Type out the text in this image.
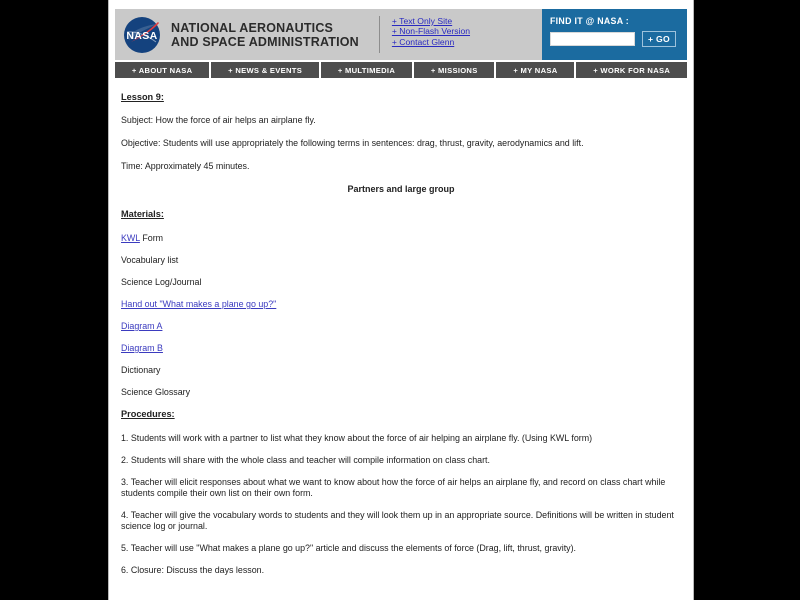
NASA
NATIONAL AERONAUTICS
AND SPACE ADMINISTRATION
+ Text Only Site
+ Non-Flash Version
+ Contact Glenn
FIND IT @ NASA :
+ GO
+ ABOUT NASA	+ NEWS & EVENTS	+ MULTIMEDIA	+ MISSIONS	+ MY NASA	+ WORK FOR NASA
Lesson 9:
Subject: How the force of air helps an airplane fly.
Objective: Students will use appropriately the following terms in sentences: drag, thrust, gravity, aerodynamics and lift.
Time: Approximately 45 minutes.
Partners and large group
Materials:
KWL Form
Vocabulary list
Science Log/Journal
Hand out "What makes a plane go up?"
Diagram A
Diagram B
Dictionary
Science Glossary
Procedures:
1. Students will work with a partner to list what they know about the force of air helping an airplane fly. (Using KWL form)
2. Students will share with the whole class and teacher will compile information on class chart.
3. Teacher will elicit responses about what we want to know about how the force of air helps an airplane fly, and record on class chart while students compile their own list on their own form.
4. Teacher will give the vocabulary words to students and they will look them up in an appropriate source. Definitions will be written in student science log or journal.
5. Teacher will use "What makes a plane go up?" article and discuss the elements of force (Drag, lift, thrust, gravity).
6. Closure: Discuss the days lesson.
